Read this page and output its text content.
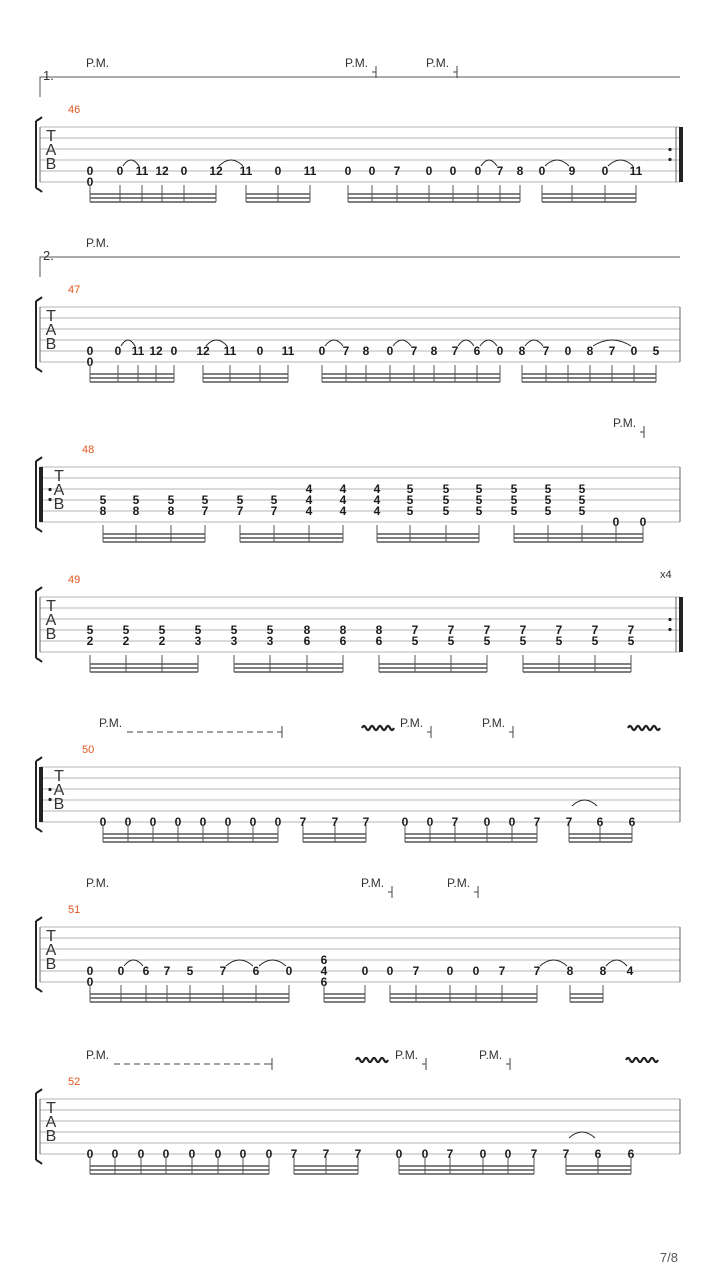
1.
P.M.	P.M.	P.M.
T
A
B
46
0
0
0 11 12 0 12 11 0 11 0 0 7 0 0 0 7 8 0 9 0 11
2.
P.M.
T
A
B
47
0
0
0 11 12 0 12 11 0 11 0 7 8 0 7 8 7 6 0 8 7 0 8 7 0 5
P.M.
T
A
B
48
5
8
5
8
5
8
5
7
5
7
5
7
4
4
4
4
4
4
4
4
4
5
5
5
5
5
5
5
5
5
5
5
5
5
5
5
5
5
5
0 0
x4
T
A
B
49
5
2
5
2
5
2
5
3
5
3
5
3
8
6
8
6
8
6
7
5
7
5
7
5
7
5
7
5
7
5
7
5
P.M.	P.M.	P.M.
T
A
B
50
0 0 0 0 0 0 0 0 7 7 7	0 0 7 0 0 7 7 6 6
P.M.	P.M.	P.M.
T
A
B
51
0
0
0 6 7 5 7 6 0
6
4
6
0 0 7 0 0 7 7 8 8 4
P.M.	P.M.	P.M.
T
A
B
52
0 0 0 0 0 0 0 0 7 7 7	0 0 7 0 0 7 7 6 6
7/8
